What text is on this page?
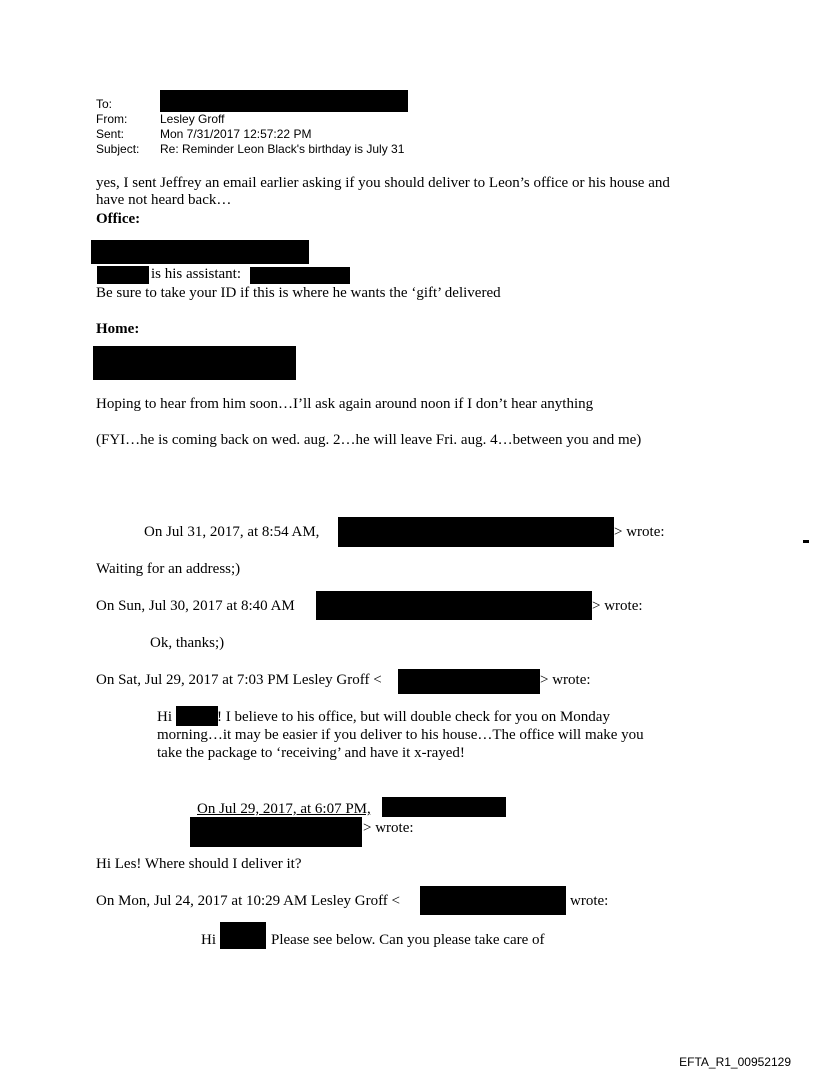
To:
From:	Lesley Groff
Sent:	Mon 7/31/2017 12:57:22 PM
Subject: Re: Reminder Leon Black's birthday is July 31
yes, I sent Jeffrey an email earlier asking if you should deliver to Leon’s office or his house and
have not heard back…
Office:
is his assistant:
Be sure to take your ID if this is where he wants the ‘gift’ delivered
Home:
Hoping to hear from him soon…I’ll ask again around noon if I don’t hear anything
(FYI…he is coming back on wed. aug. 2…he will leave Fri. aug. 4…between you and me)
On Jul 31, 2017, at 8:54 AM,	> wrote:
Waiting for an address;)
On Sun, Jul 30, 2017 at 8:40 AM	> wrote:
Ok, thanks;)
On Sat, Jul 29, 2017 at 7:03 PM Lesley Groff <	> wrote:
Hi	! I believe to his office, but will double check for you on Monday
morning…it may be easier if you deliver to his house…The office will make you
take the package to ‘receiving’ and have it x-rayed!
On Jul 29, 2017, at 6:07 PM,
> wrote:
Hi Les! Where should I deliver it?
On Mon, Jul 24, 2017 at 10:29 AM Lesley Groff <	wrote:
Hi	Please see below. Can you please take care of
EFTA_R1_00952129
